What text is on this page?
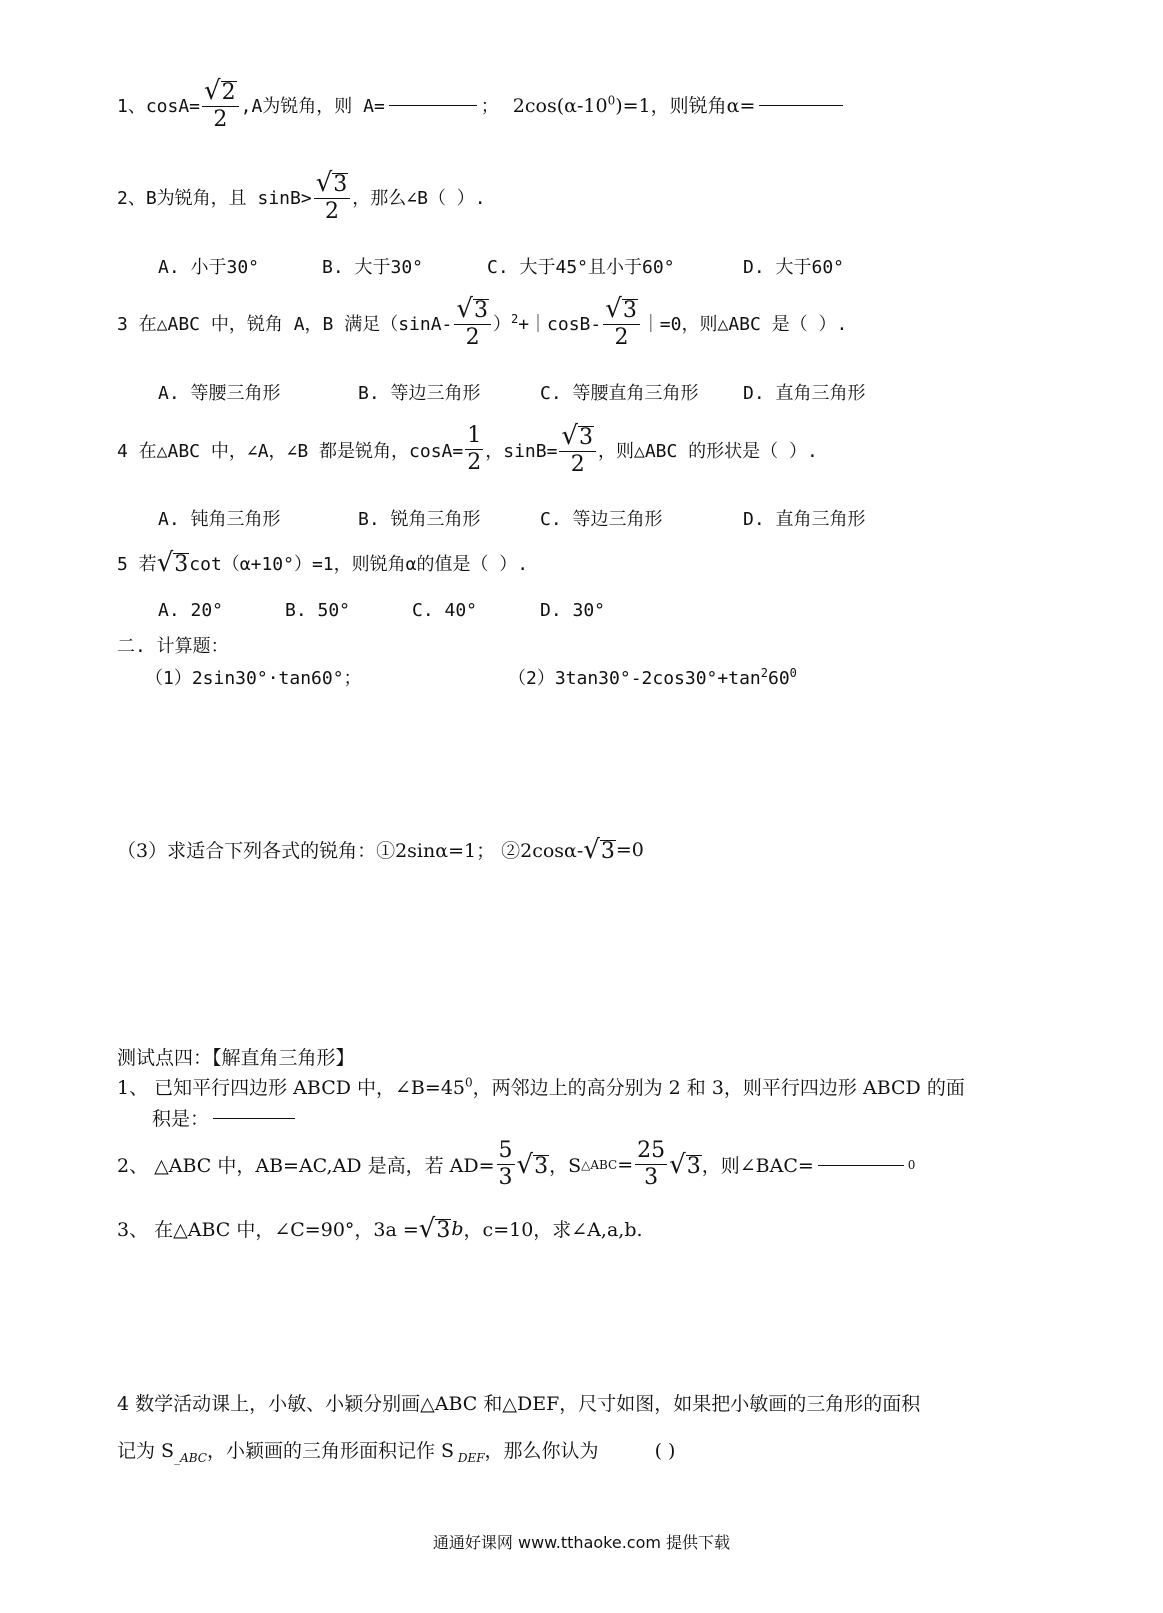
1、$\cos A= \frac{√ 2}{2} ,A$为锐角，则 A=	； $2\cos(\alpha-10^0)=1$，则锐角α=
2、B为锐角，且 $\sin B> \frac{√ 3}{2}$ ，那么∠B（ ）.
A. 小于30°	B. 大于30°	C. 大于45°且小于60°	D. 大于60°
3 在△ABC 中，锐角 A，B 满足（$\sin A- \frac{√ 3}{2}$ ）$^2$+｜cosB- $\frac{√ 3}{2}$ ｜=0，则△ABC 是（ ）.
A. 等腰三角形	B. 等边三角形	C. 等腰直角三角形 D. 直角三角形
4 在△ABC 中，∠A，∠B 都是锐角，$\cos A= \frac{1}{2}$ ，$\sin B= \frac{√ 3}{2}$ ，则△ABC 的形状是（ ）.
A. 钝角三角形	B. 锐角三角形	C. 等边三角形	D. 直角三角形
5 若 √ 3 cot（α+10°）=1，则锐角α的值是（ ）.
A. 20°	B. 50°	C. 40°	D. 30°
二. 计算题：
（1）2sin30°·tan60°；	$(2)3\tan 30^\circ-2\cos 30^\circ+\tan^260^0$
（3）求适合下列各式的锐角：①2sinα=1； ②2cosα- √ 3 =0
测试点四：【解直角三角形】
1、 已知平行四边形 ABCD 中，$\angle B=45^0$，两邻边上的高分别为 2 和 3，则平行四边形 ABCD 的面
积是：
2、 △ABC 中，AB=AC,AD 是高，若 $AD= \frac{5}{3}$ √ 3 ，S △ABC = $\frac{25}{3}$ √ 3 ，则∠BAC=	0
3、 在△ABC 中，∠C=90°，3a = √ 3 b ，c=10，求∠A,a,b.
4 数学活动课上，小敏、小颖分别画△ABC 和△DEF，尺寸如图，如果把小敏画的三角形的面积
记为 $S_{\_ABC}$，小颖画的三角形面积记作 S $_{DEF}$，那么你认为	( )
通通好课网 www.tthaoke.com 提供下载
